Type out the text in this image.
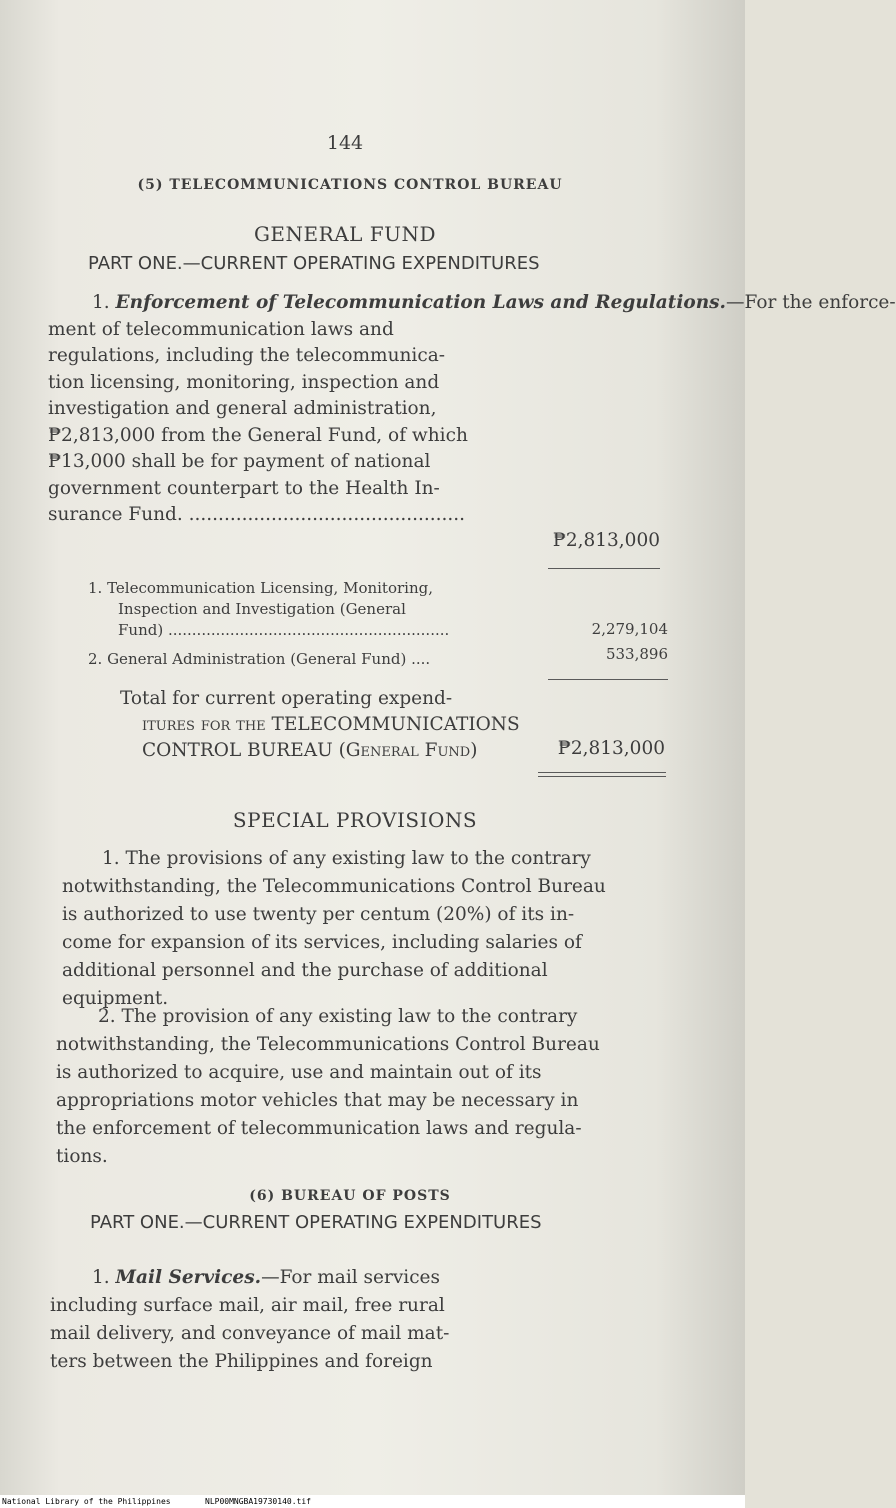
144
(5) TELECOMMUNICATIONS CONTROL BUREAU
GENERAL FUND
PART ONE.—CURRENT OPERATING EXPENDITURES
1. Enforcement of Telecommunication Laws and Regulations.—For the enforce-
ment of telecommunication laws and
regulations, including the telecommunica-
tion licensing, monitoring, inspection and
investigation and general administration,
₱2,813,000 from the General Fund, of which
₱13,000 shall be for payment of national
government counterpart to the Health In-
surance Fund. ...............................................
₱2,813,000
1. Telecommunication Licensing, Monitoring,
Inspection and Investigation (General
Fund) ...........................................................	2,279,104
2. General Administration (General Fund) ....	533,896
Total for current operating expend-
itures for the TELECOMMUNICATIONS
CONTROL BUREAU (General Fund)	₱2,813,000
SPECIAL PROVISIONS
1. The provisions of any existing law to the contrary
notwithstanding, the Telecommunications Control Bureau
is authorized to use twenty per centum (20%) of its in-
come for expansion of its services, including salaries of
additional personnel and the purchase of additional
equipment.
2. The provision of any existing law to the contrary
notwithstanding, the Telecommunications Control Bureau
is authorized to acquire, use and maintain out of its
appropriations motor vehicles that may be necessary in
the enforcement of telecommunication laws and regula-
tions.
(6) BUREAU OF POSTS
PART ONE.—CURRENT OPERATING EXPENDITURES
1. Mail Services.—For mail services
including surface mail, air mail, free rural
mail delivery, and conveyance of mail mat-
ters between the Philippines and foreign
National Library of the Philippines	NLP00MNGBA19730140.tif
